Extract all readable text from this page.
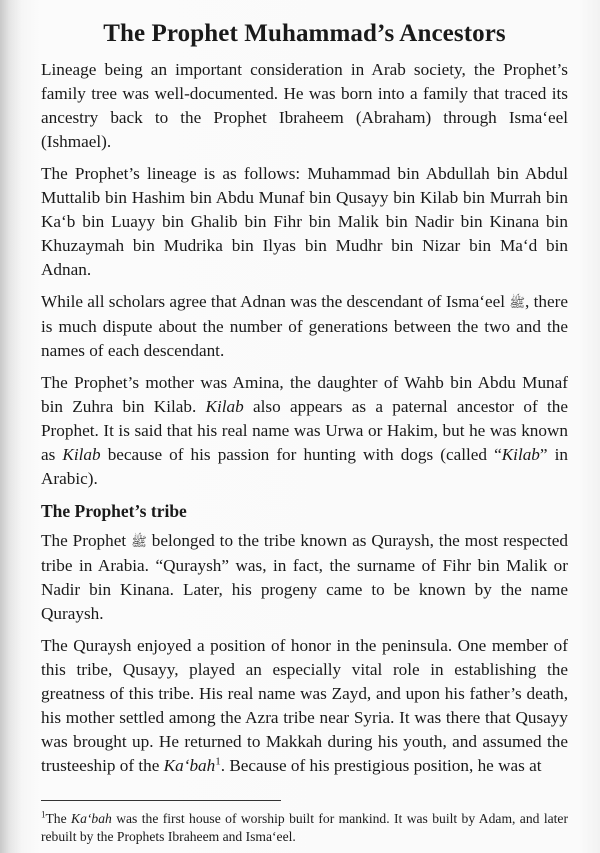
The Prophet Muhammad’s Ancestors

Lineage being an important consideration in Arab society, the Prophet’s family tree was well-documented. He was born into a family that traced its ancestry back to the Prophet Ibraheem (Abraham) through Isma‘eel (Ishmael).

The Prophet’s lineage is as follows: Muhammad bin Abdullah bin Abdul Muttalib bin Hashim bin Abdu Munaf bin Qusayy bin Kilab bin Murrah bin Ka‘b bin Luayy bin Ghalib bin Fihr bin Malik bin Nadir bin Kinana bin Khuzaymah bin Mudrika bin Ilyas bin Mudhr bin Nizar bin Ma‘d bin Adnan.

While all scholars agree that Adnan was the descendant of Isma‘eel ﷺ, there is much dispute about the number of generations between the two and the names of each descendant.

The Prophet’s mother was Amina, the daughter of Wahb bin Abdu Munaf bin Zuhra bin Kilab. Kilab also appears as a paternal ancestor of the Prophet. It is said that his real name was Urwa or Hakim, but he was known as Kilab because of his passion for hunting with dogs (called “Kilab” in Arabic).

The Prophet’s tribe

The Prophet ﷺ belonged to the tribe known as Quraysh, the most respected tribe in Arabia. “Quraysh” was, in fact, the surname of Fihr bin Malik or Nadir bin Kinana. Later, his progeny came to be known by the name Quraysh.

The Quraysh enjoyed a position of honor in the peninsula. One member of this tribe, Qusayy, played an especially vital role in establishing the greatness of this tribe. His real name was Zayd, and upon his father’s death, his mother settled among the Azra tribe near Syria. It was there that Qusayy was brought up. He returned to Makkah during his youth, and assumed the trusteeship of the Ka‘bah$^1$. Because of his prestigious position, he was at

$^1$The Ka‘bah was the first house of worship built for mankind. It was built by Adam, and later rebuilt by the Prophets Ibraheem and Isma‘eel.
